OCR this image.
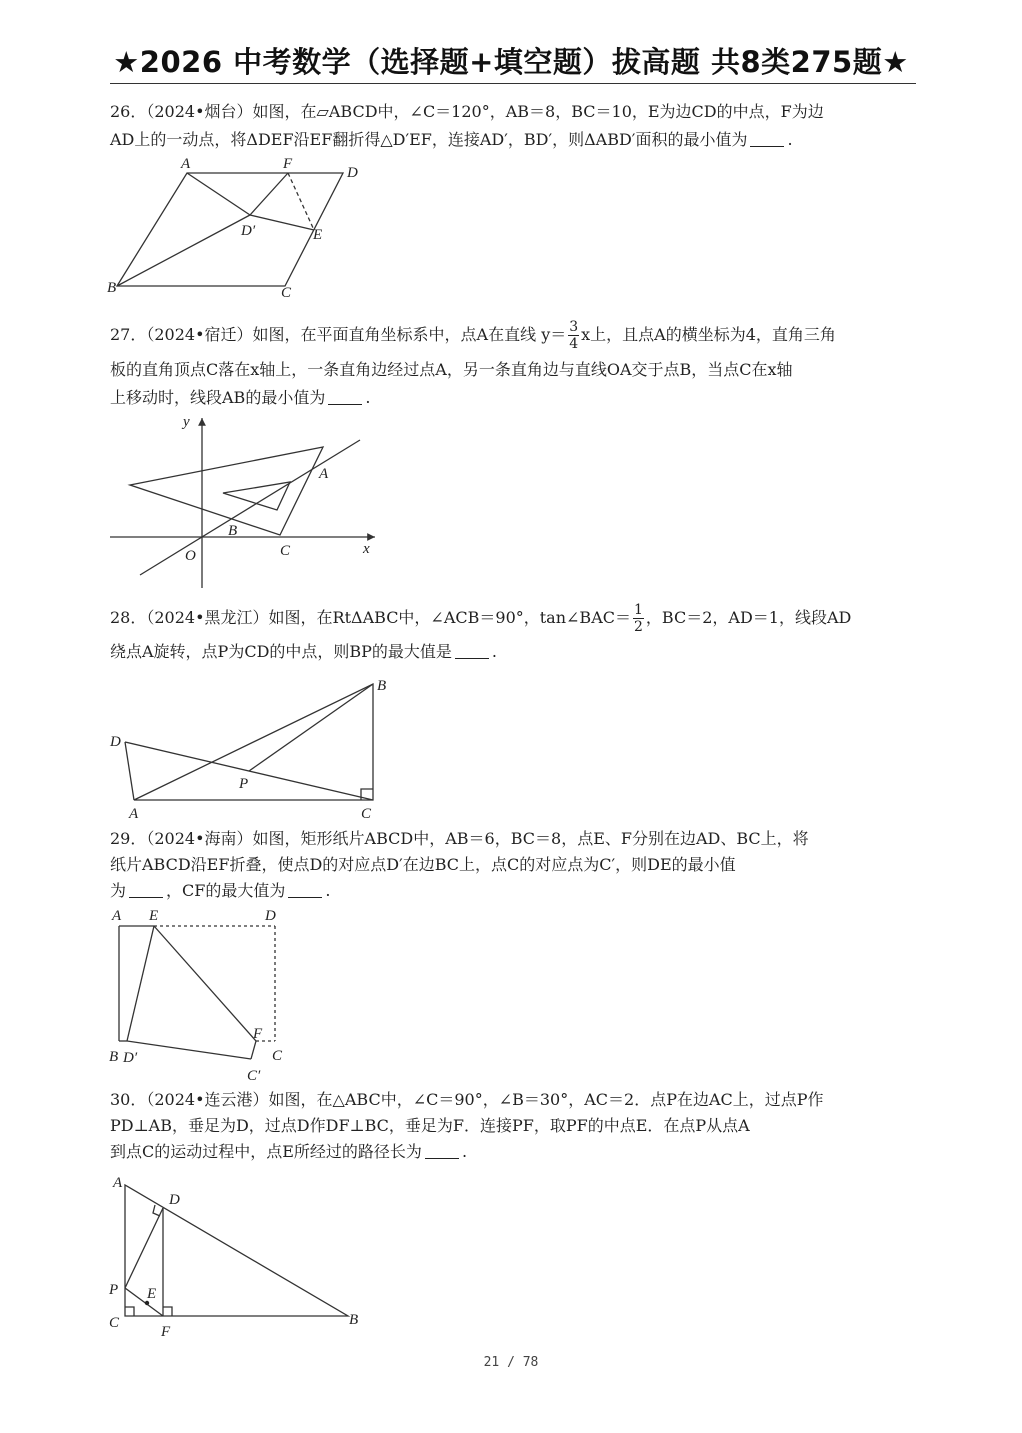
★2026 中考数学（选择题+填空题）拔高题 共8类275题★

26．（2024•烟台）如图，在▱ABCD中，∠C＝120°，AB＝8，BC＝10，E为边CD的中点，F为边

AD上的一动点，将ΔDEF沿EF翻折得△D′EF，连接AD′，BD′，则ΔABD′面积的最小值为	.

A	F
D
D′	E
B	C

27．（2024•宿迁）如图，在平面直角坐标系中，点A在直线 $y= \frac{3}{4}$ x上，且点A的横坐标为4，直角三角

板的直角顶点C落在x轴上，一条直角边经过点A，另一条直角边与直线OA交于点B，当点C在x轴

上移动时，线段AB的最小值为	.

y
x
O
A
B
C

28．（2024•黑龙江）如图，在RtΔABC中，∠ACB＝90°，tan∠BAC＝ $\frac{1}{2}$ ，BC＝2，AD＝1，线段AD

绕点A旋转，点P为CD的中点，则BP的最大值是	.

B
D
P
A	C

29．（2024•海南）如图，矩形纸片ABCD中，AB＝6，BC＝8，点E、F分别在边AD、BC上，将

纸片ABCD沿EF折叠，使点D的对应点D′在边BC上，点C的对应点为C′，则DE的最小值

为	，CF的最大值为	.

A E	D
F
B D′	C
C′

30．（2024•连云港）如图，在△ABC中，∠C＝90°，∠B＝30°，AC＝2．点P在边AC上，过点P作

PD⊥AB，垂足为D，过点D作DF⊥BC，垂足为F．连接PF，取PF的中点E．在点P从点A

到点C的运动过程中，点E所经过的路径长为	.

A
D
E
P
C
F
B
21 / 78
